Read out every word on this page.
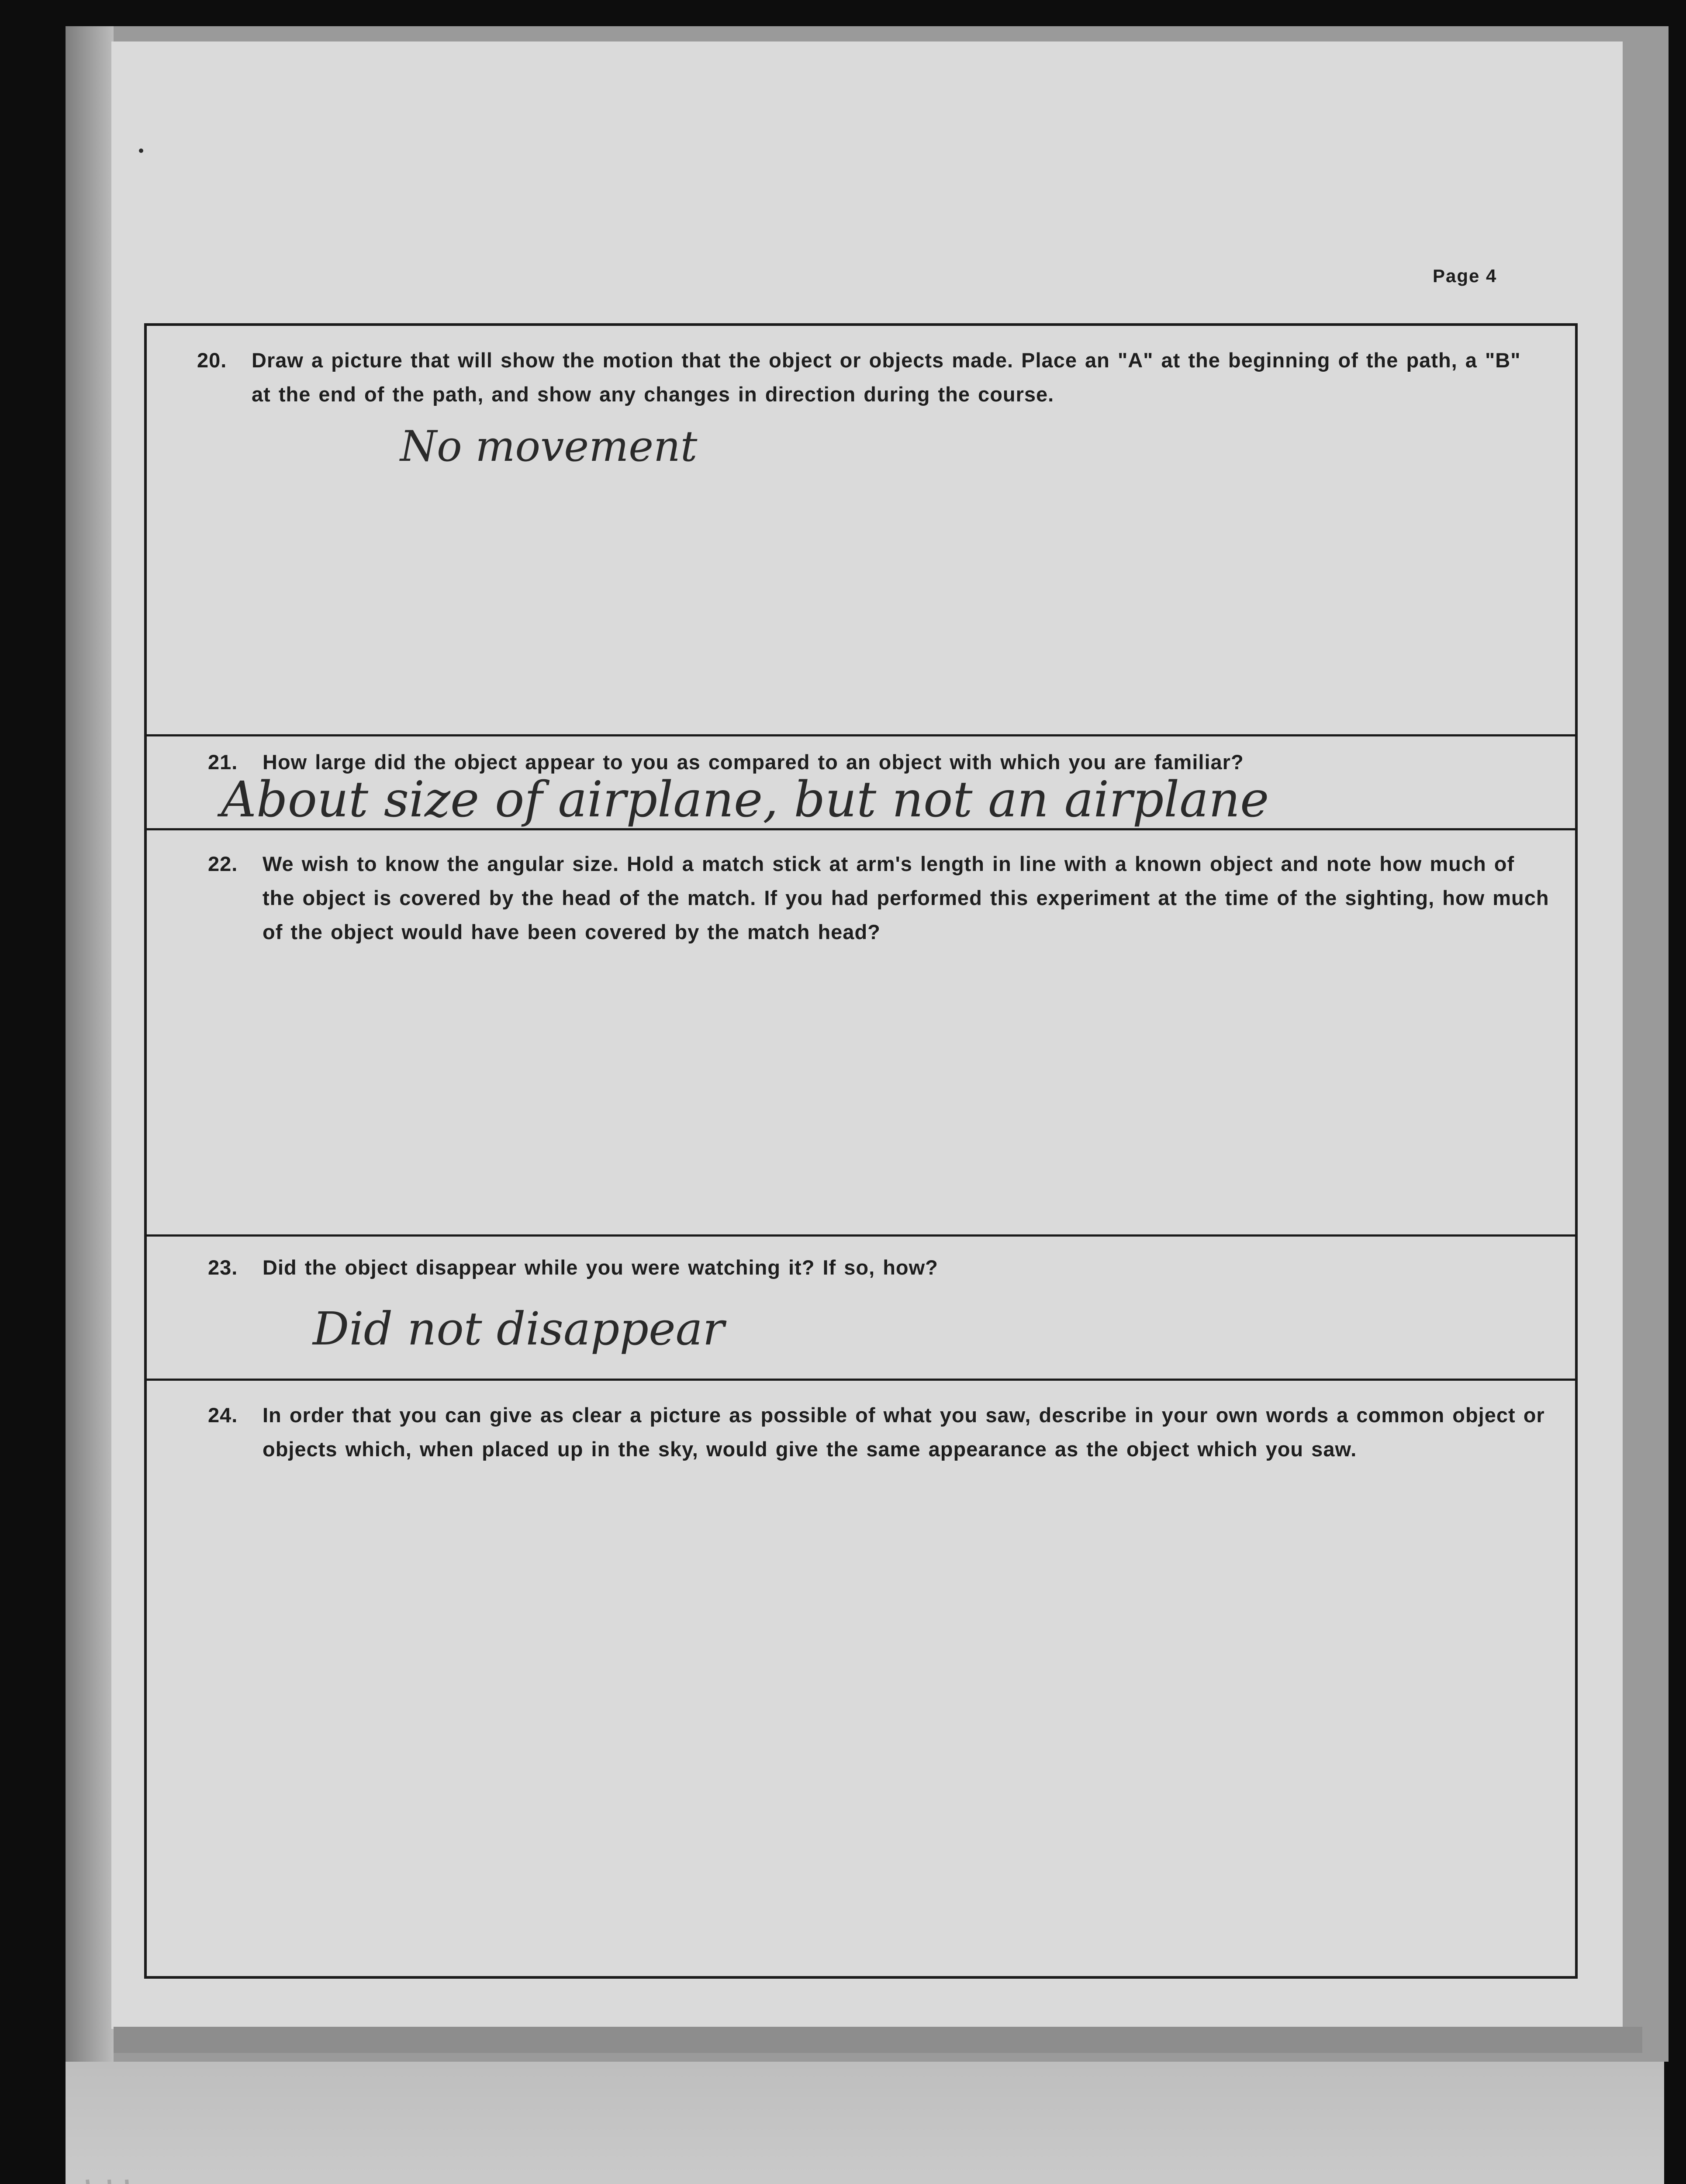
Page 4
20.	Draw a picture that will show the motion that the object or objects made. Place an "A" at the beginning of the path, a "B" at the end of the path, and show any changes in direction during the course.
No movement
21.	How large did the object appear to you as compared to an object with which you are familiar?
About size of airplane, but not an airplane
22.	We wish to know the angular size. Hold a match stick at arm's length in line with a known object and note how much of the object is covered by the head of the match. If you had performed this experiment at the time of the sighting, how much of the object would have been covered by the match head?
23.	Did the object disappear while you were watching it? If so, how?
Did not disappear
24.	In order that you can give as clear a picture as possible of what you saw, describe in your own words a common object or objects which, when placed up in the sky, would give the same appearance as the object which you saw.
